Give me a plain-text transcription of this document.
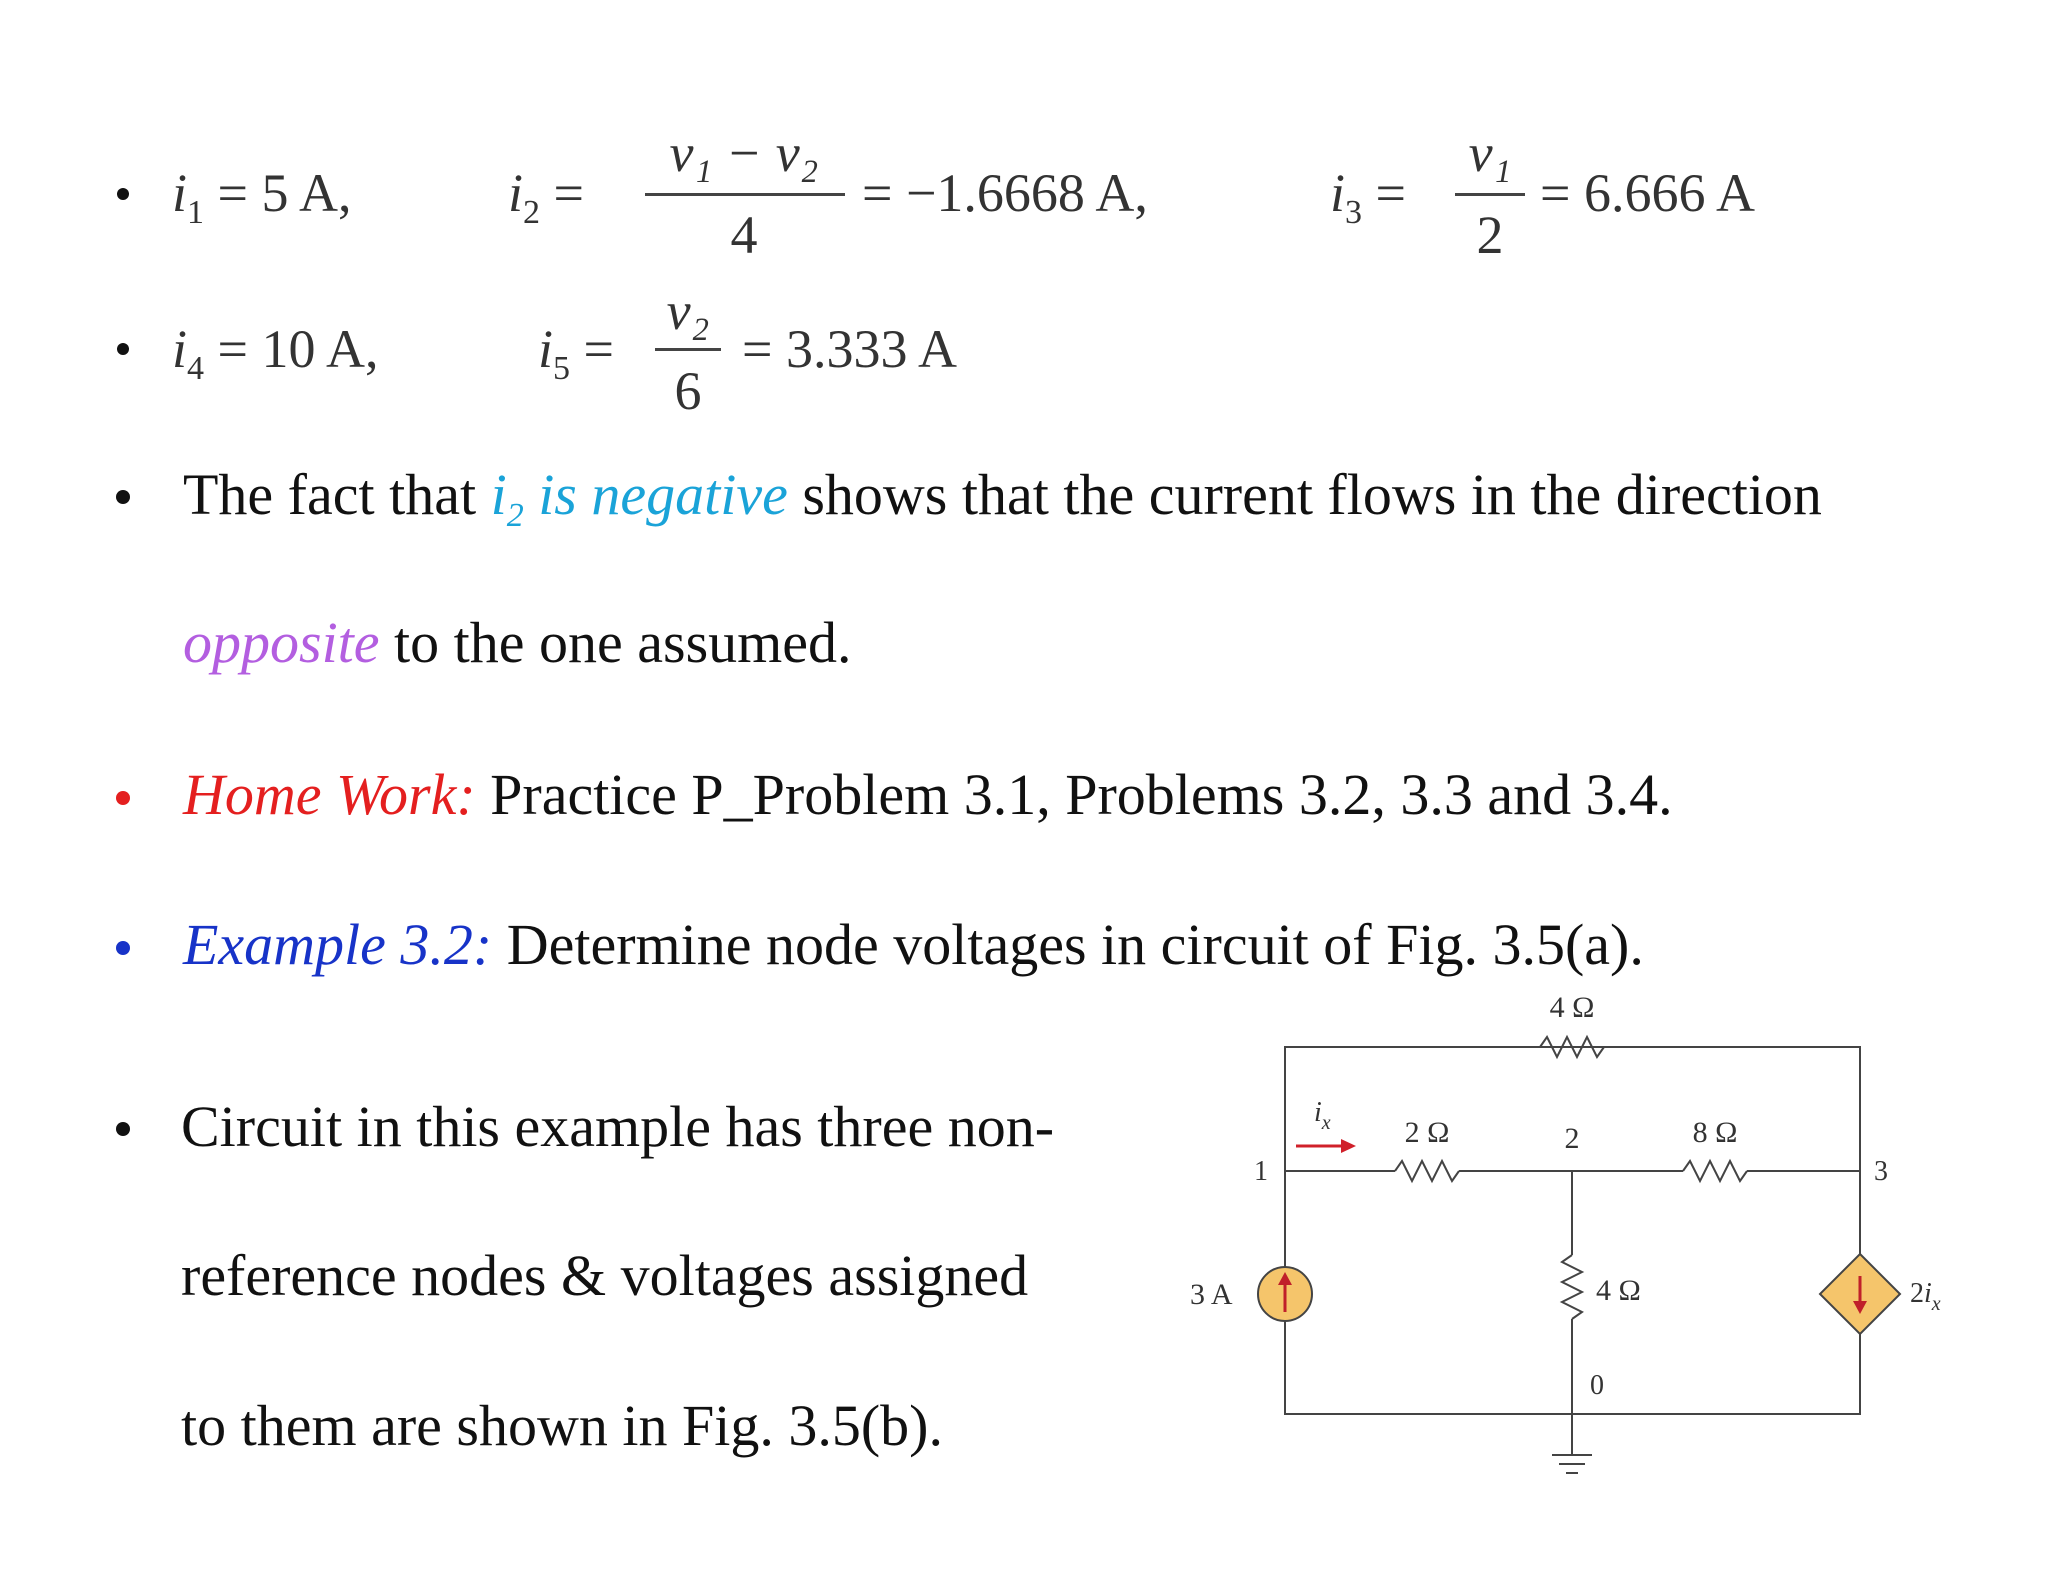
$i_1 = 5$ A,	$i_2$ =
v₁ − v₂
4
= −1.6668 A,	$i_3$ =
v₁
2
= 6.666 A
$i_4 = 10$ A,	$i_5$ =
v₂
6
= 3.333 A
The fact that $i_2$ is negative shows that the current flows in the direction
opposite to the one assumed.
Home Work: Practice P_Problem 3.1, Problems 3.2, 3.3 and 3.4.
Example 3.2: Determine node voltages in circuit of Fig. 3.5(a).
Circuit in this example has three non-
reference nodes & voltages assigned
to them are shown in Fig. 3.5(b).
4 Ω
2 Ω	8 Ω
4 Ω
1
2
3
0
3 A
$i_x$
$2i_x$
